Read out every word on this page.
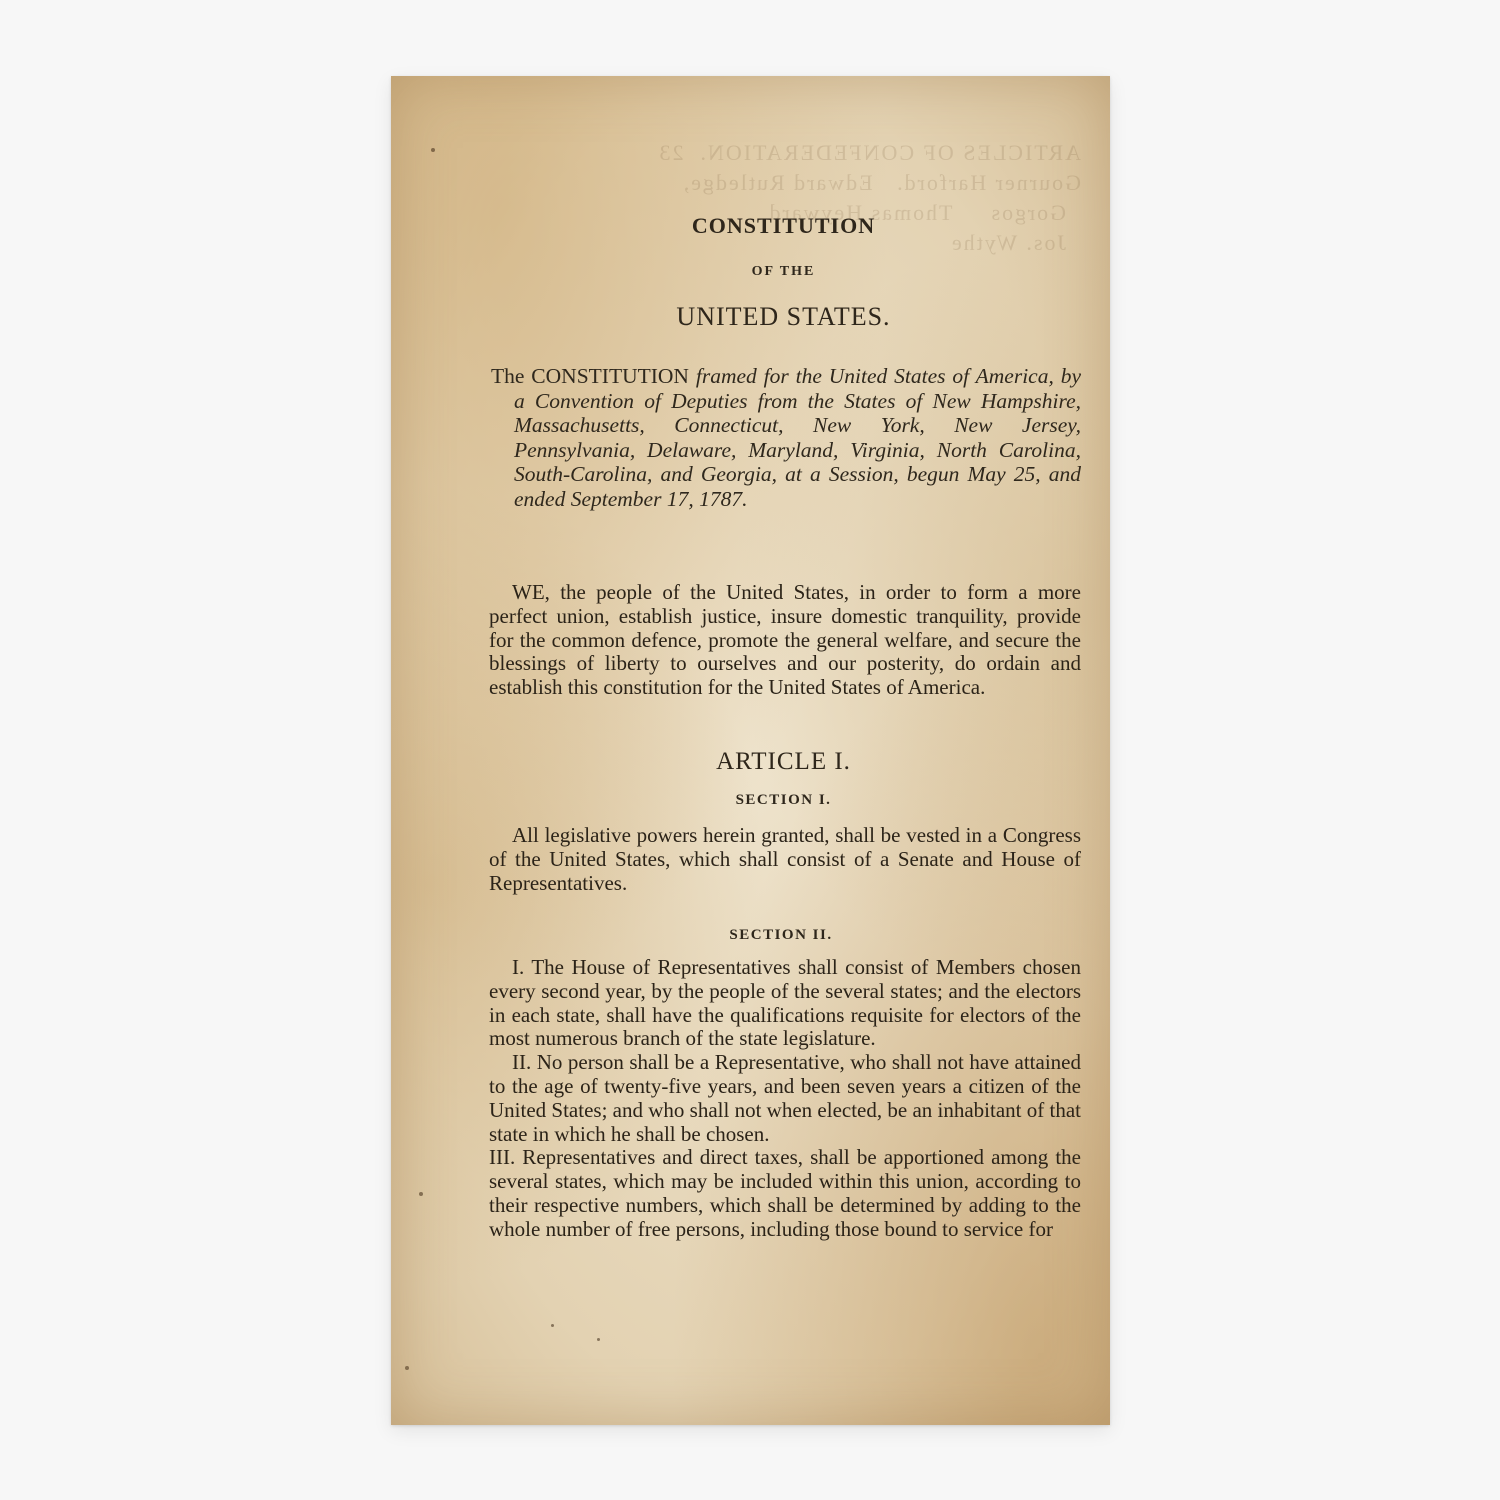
ARTICLES OF CONFEDERATION.  23
Gourner Harford.   Edward Rutledge,
Gorgos     Thomas Heyward
Jos. Wythe
CONSTITUTION
OF THE
UNITED STATES.
The CONSTITUTION framed for the United States of America, by a Convention of Deputies from the States of New Hampshire, Massachusetts, Connecticut, New York, New Jersey, Pennsylvania, Delaware, Maryland, Virginia, North Carolina, South-Carolina, and Georgia, at a Session, begun May 25, and ended September 17, 1787.

WE, the people of the United States, in order to form a more perfect union, establish justice, insure domestic tranquility, provide for the common defence, promote the general welfare, and secure the blessings of liberty to ourselves and our posterity, do ordain and establish this constitution for the United States of America.

ARTICLE I.
SECTION I.

All legislative powers herein granted, shall be vested in a Congress of the United States, which shall consist of a Senate and House of Representatives.

SECTION II.

I. The House of Representatives shall consist of Members chosen every second year, by the people of the several states; and the electors in each state, shall have the qualifications requisite for electors of the most numerous branch of the state legislature.

II. No person shall be a Representative, who shall not have attained to the age of twenty-five years, and been seven years a citizen of the United States; and who shall not when elected, be an inhabitant of that state in which he shall be chosen.

III. Representatives and direct taxes, shall be apportioned among the several states, which may be included within this union, according to their respective numbers, which shall be determined by adding to the whole number of free persons, including those bound to service for
